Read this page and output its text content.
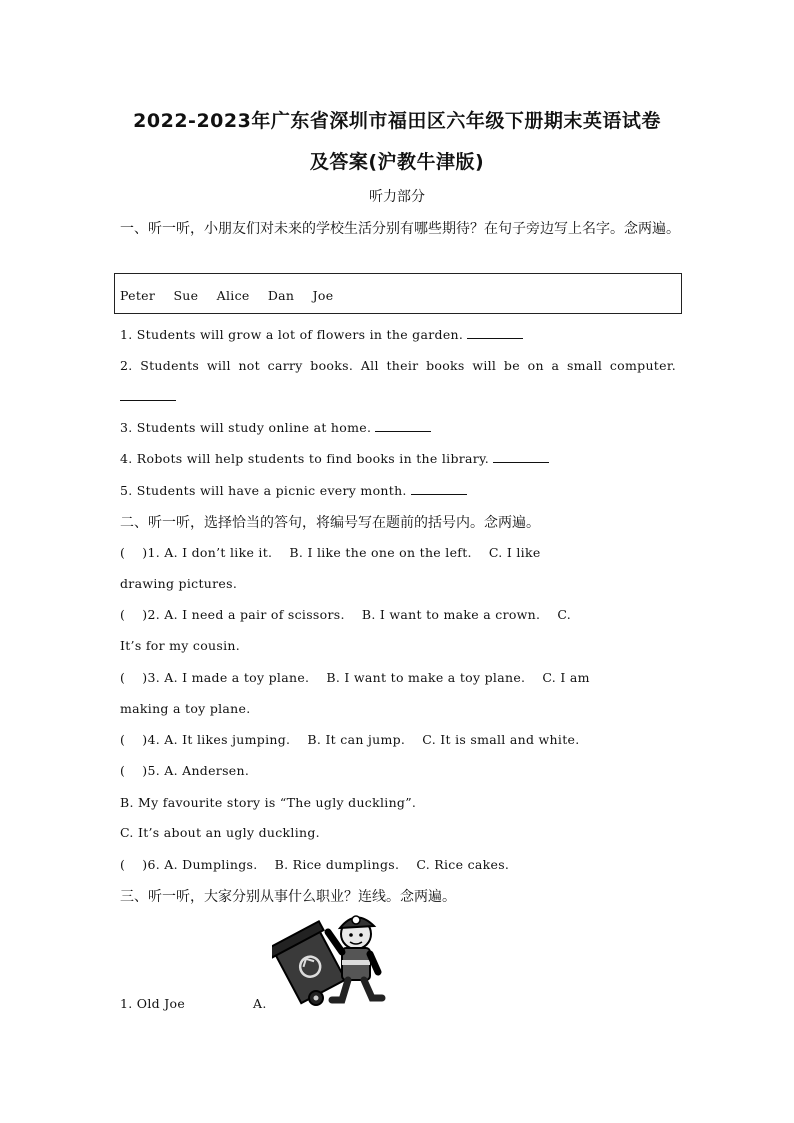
2022-2023年广东省深圳市福田区六年级下册期末英语试卷
及答案(沪教牛津版)
听力部分
一、听一听，小朋友们对未来的学校生活分别有哪些期待？在句子旁边写上名字。念两遍。
Peter Sue Alice Dan Joe
1. Students will grow a lot of flowers in the garden.
2. Students will not carry books. All their books will be on a small computer.
3. Students will study online at home.
4. Robots will help students to find books in the library.
5. Students will have a picnic every month.
二、听一听，选择恰当的答句，将编号写在题前的括号内。念两遍。
(    )1. A. I don’t like it.    B. I like the one on the left.    C. I like
drawing pictures.
(    )2. A. I need a pair of scissors.    B. I want to make a crown.    C.
It’s for my cousin.
(    )3. A. I made a toy plane.    B. I want to make a toy plane.    C. I am
making a toy plane.
(    )4. A. It likes jumping.    B. It can jump.    C. It is small and white.
(    )5. A. Andersen.
B. My favourite story is “The ugly duckling”.
C. It’s about an ugly duckling.
(    )6. A. Dumplings.    B. Rice dumplings.    C. Rice cakes.
三、听一听，大家分别从事什么职业？连线。念两遍。
1. Old Joe	A.
